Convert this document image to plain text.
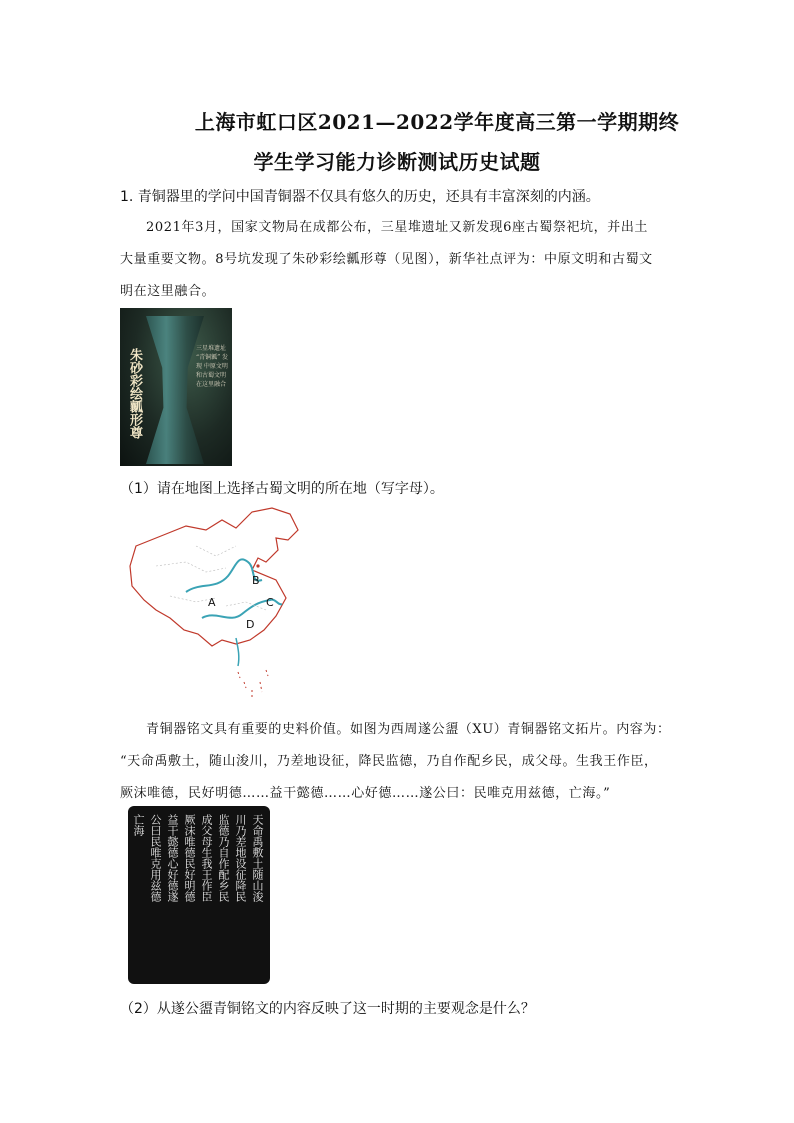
上海市虹口区2021—2022学年度高三第一学期期终
学生学习能力诊断测试历史试题
1. 青铜器里的学问中国青铜器不仅具有悠久的历史，还具有丰富深刻的内涵。
2021年3月，国家文物局在成都公布，三星堆遗址又新发现6座古蜀祭祀坑，并出土
大量重要文物。8号坑发现了朱砂彩绘瓤形尊（见图），新华社点评为：中原文明和古蜀文
明在这里融合。
朱砂彩绘瓤形尊	三星堆遗址 “青铜瓤” 发现 中原文明 和古蜀文明 在这里融合
（1）请在地图上选择古蜀文明的所在地（写字母）。
B
A	C
D
青铜器铭文具有重要的史料价值。如图为西周遂公盨（XU）青铜器铭文拓片。内容为：
“天命禹敷土，随山浚川，乃差地设征，降民监德，乃自作配乡民，成父母。生我王作臣，
厥沫唯德，民好明德……益干懿德……心好德……遂公曰：民唯克用兹德，亡海。”
天命禹敷土随山浚
川乃差地设征降民
监德乃自作配乡民
成父母生我王作臣
厥沫唯德民好明德
益干懿德心好德遂
公曰民唯克用兹德
亡海
（2）从遂公盨青铜铭文的内容反映了这一时期的主要观念是什么？
